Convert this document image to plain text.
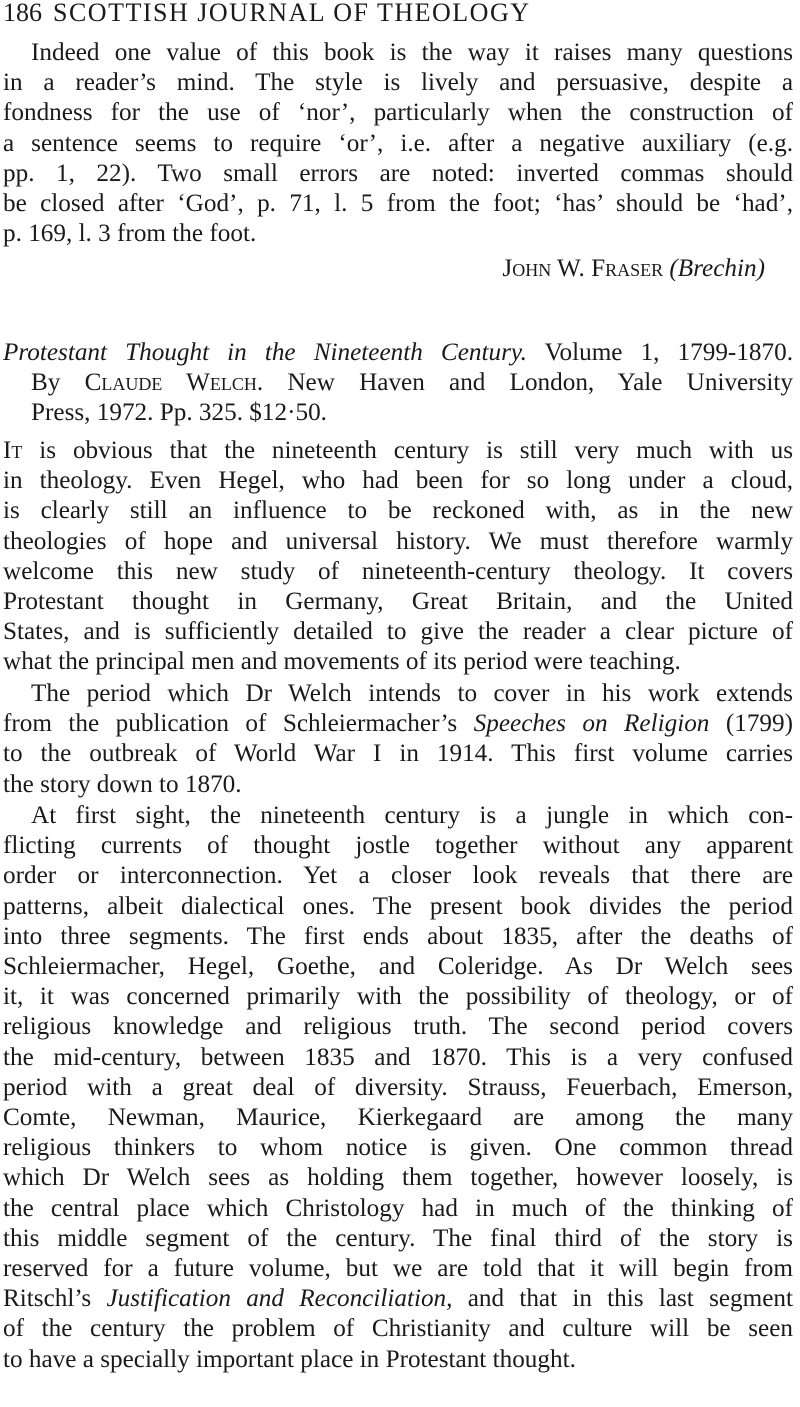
186 SCOTTISH JOURNAL OF THEOLOGY
Indeed one value of this book is the way it raises many questions
in a reader’s mind. The style is lively and persuasive, despite a
fondness for the use of ‘nor’, particularly when the construction of
a sentence seems to require ‘or’, i.e. after a negative auxiliary (e.g.
pp. 1, 22). Two small errors are noted: inverted commas should
be closed after ‘God’, p. 71, l. 5 from the foot; ‘has’ should be ‘had’,
p. 169, l. 3 from the foot.
John W. Fraser (Brechin)
Protestant Thought in the Nineteenth Century. Volume 1, 1799-1870.
By Claude Welch. New Haven and London, Yale University
Press, 1972. Pp. 325. $12·50.
It is obvious that the nineteenth century is still very much with us
in theology. Even Hegel, who had been for so long under a cloud,
is clearly still an influence to be reckoned with, as in the new
theologies of hope and universal history. We must therefore warmly
welcome this new study of nineteenth-century theology. It covers
Protestant thought in Germany, Great Britain, and the United
States, and is sufficiently detailed to give the reader a clear picture of
what the principal men and movements of its period were teaching.
The period which Dr Welch intends to cover in his work extends
from the publication of Schleiermacher’s Speeches on Religion (1799)
to the outbreak of World War I in 1914. This first volume carries
the story down to 1870.
At first sight, the nineteenth century is a jungle in which con-
flicting currents of thought jostle together without any apparent
order or interconnection. Yet a closer look reveals that there are
patterns, albeit dialectical ones. The present book divides the period
into three segments. The first ends about 1835, after the deaths of
Schleiermacher, Hegel, Goethe, and Coleridge. As Dr Welch sees
it, it was concerned primarily with the possibility of theology, or of
religious knowledge and religious truth. The second period covers
the mid-century, between 1835 and 1870. This is a very confused
period with a great deal of diversity. Strauss, Feuerbach, Emerson,
Comte, Newman, Maurice, Kierkegaard are among the many
religious thinkers to whom notice is given. One common thread
which Dr Welch sees as holding them together, however loosely, is
the central place which Christology had in much of the thinking of
this middle segment of the century. The final third of the story is
reserved for a future volume, but we are told that it will begin from
Ritschl’s Justification and Reconciliation, and that in this last segment
of the century the problem of Christianity and culture will be seen
to have a specially important place in Protestant thought.
